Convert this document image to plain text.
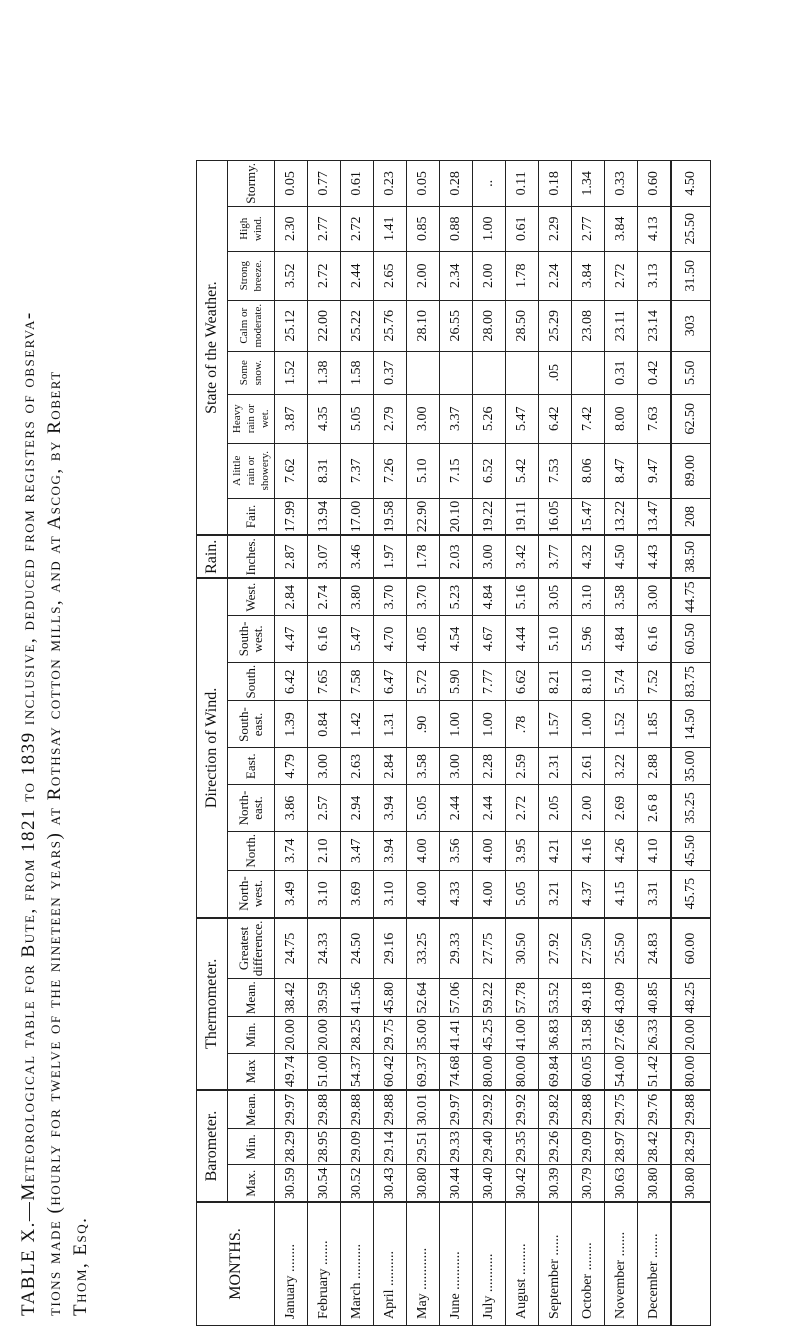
TABLE X.—Meteorological table for Bute, from 1821 to 1839 inclusive, deduced from registers of observa- tions made (hourly for twelve of the nineteen years) at Rothsay cotton mills, and at Ascog, by Robert Thom, Esq.	MONTHS.	Barometer.			Thermometer.				Direction of Wind.								Rain.	State of the Weather.							
	Max.	Min.	Mean.	Max	Min.	Mean.	Greatest difference.	North-west.	North.	North-east.	East.	South-east.	South.	South-west.	West.	Inches.	Fair.	A little rain or showery.	Heavy rain or wet.	Some snow.	Calm or moderate.	Strong breeze.	High wind.	Stormy.
January ........	30.59	28.29	29.97	49.74	20.00	38.42	24.75	3.49	3.74	3.86	4.79	1.39	6.42	4.47	2.84	2.87	17.99	7.62	3.87	1.52	25.12	3.52	2.30	0.05
February .......	30.54	28.95	29.88	51.00	20.00	39.59	24.33	3.10	2.10	2.57	3.00	0.84	7.65	6.16	2.74	3.07	13.94	8.31	4.35	1.38	22.00	2.72	2.77	0.77
March ..........	30.52	29.09	29.88	54.37	28.25	41.56	24.50	3.69	3.47	2.94	2.63	1.42	7.58	5.47	3.80	3.46	17.00	7.37	5.05	1.58	25.22	2.44	2.72	0.61
April ..........	30.43	29.14	29.88	60.42	29.75	45.80	29.16	3.10	3.94	3.94	2.84	1.31	6.47	4.70	3.70	1.97	19.58	7.26	2.79	0.37	25.76	2.65	1.41	0.23
May ............	30.80	29.51	30.01	69.37	35.00	52.64	33.25	4.00	4.00	5.05	3.58	.90	5.72	4.05	3.70	1.78	22.90	5.10	3.00		28.10	2.00	0.85	0.05
June ...........	30.44	29.33	29.97	74.68	41.41	57.06	29.33	4.33	3.56	2.44	3.00	1.00	5.90	4.54	5.23	2.03	20.10	7.15	3.37		26.55	2.34	0.88	0.28
July ...........	30.40	29.40	29.92	80.00	45.25	59.22	27.75	4.00	4.00	2.44	2.28	1.00	7.77	4.67	4.84	3.00	19.22	6.52	5.26		28.00	2.00	1.00	..
August .........	30.42	29.35	29.92	80.00	41.00	57.78	30.50	5.05	3.95	2.72	2.59	.78	6.62	4.44	5.16	3.42	19.11	5.42	5.47		28.50	1.78	0.61	0.11
September ......	30.39	29.26	29.82	69.84	36.83	53.52	27.92	3.21	4.21	2.05	2.31	1.57	8.21	5.10	3.05	3.77	16.05	7.53	6.42	.05	25.29	2.24	2.29	0.18
October ........	30.79	29.09	29.88	60.05	31.58	49.18	27.50	4.37	4.16	2.00	2.61	1.00	8.10	5.96	3.10	4.32	15.47	8.06	7.42		23.08	3.84	2.77	1.34
November .......	30.63	28.97	29.75	54.00	27.66	43.09	25.50	4.15	4.26	2.69	3.22	1.52	5.74	4.84	3.58	4.50	13.22	8.47	8.00	0.31	23.11	2.72	3.84	0.33
December .......	30.80	28.42	29.76	51.42	26.33	40.85	24.83	3.31	4.10	2.6 8	2.88	1.85	7.52	6.16	3.00	4.43	13.47	9.47	7.63	0.42	23.14	3.13	4.13	0.60
	30.80	28.29	29.88	80.00	20.00	48.25	60.00	45.75	45.50	35.25	35.00	14.50	83.75	60.50	44.75	38.50	208	89.00	62.50	5.50	303	31.50	25.50	4.50
